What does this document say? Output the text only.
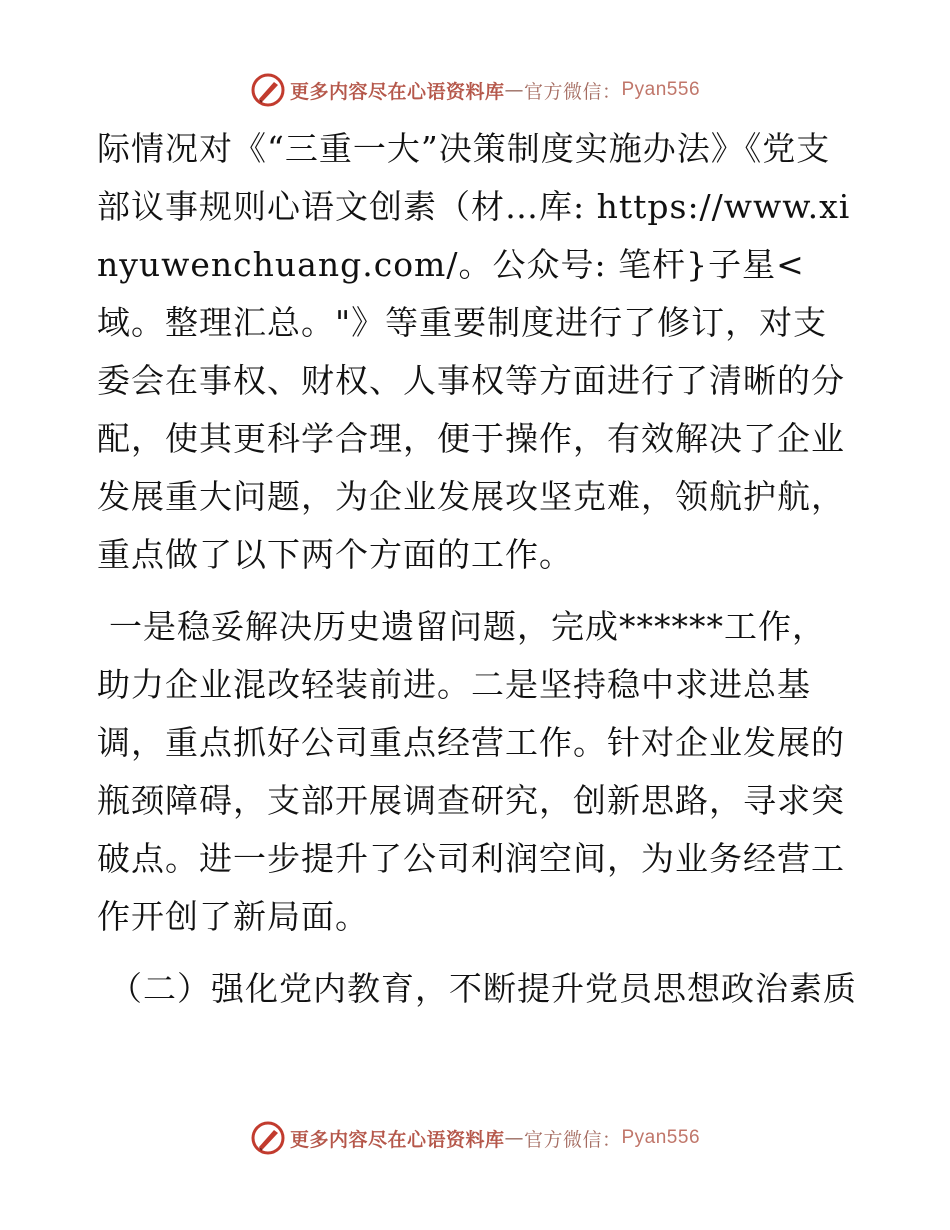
更多内容尽在心语资料库 — 官方微信： Pyan556

际情况对《“三重一大”决策制度实施办法》《党支部议事规则心语文创素（材…库: https://www.xinyuwenchuang.com/。公众号: 笔杆}子星<域。整理汇总。"》等重要制度进行了修订，对支委会在事权、财权、人事权等方面进行了清晰的分配，使其更科学合理，便于操作，有效解决了企业发展重大问题，为企业发展攻坚克难，领航护航，重点做了以下两个方面的工作。

一是稳妥解决历史遗留问题，完成******工作，助力企业混改轻装前进。二是坚持稳中求进总基调，重点抓好公司重点经营工作。针对企业发展的瓶颈障碍，支部开展调查研究，创新思路，寻求突破点。进一步提升了公司利润空间，为业务经营工作开创了新局面。

（二）强化党内教育，不断提升党员思想政治素质

更多内容尽在心语资料库 — 官方微信： Pyan556
